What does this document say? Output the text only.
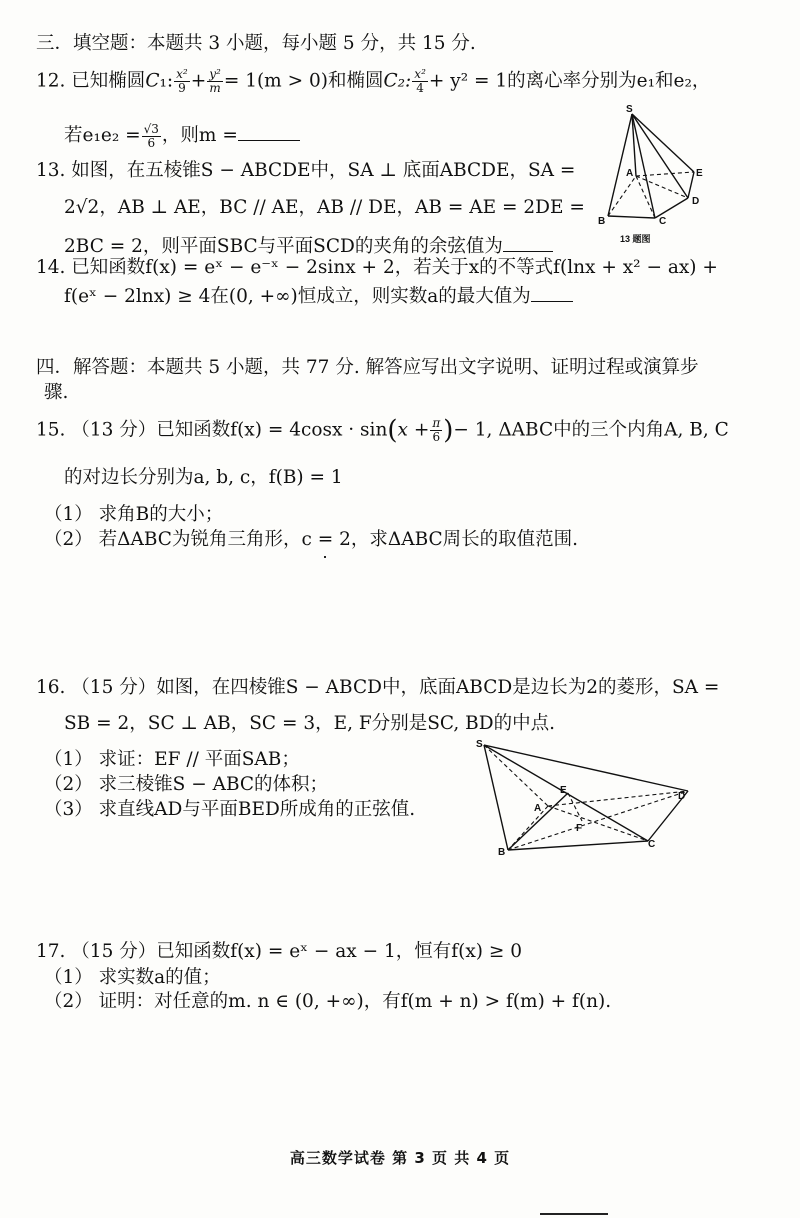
三．填空题：本题共 3 小题，每小题 5 分，共 15 分.
12. 已知椭圆C₁: $\frac{\text{x²}}{9} + \frac{\text{y²}}{m} = 1(m > 0)$和椭圆C₂: $\frac{\text{x²}}{4} + y^2 = 1$的离心率分别为e₁和e₂，
若$e_1e_2 = \frac{√3}{6}$ ，则m =
13. 如图，在五棱锥S − ABCDE中，SA ⊥ 底面ABCDE，SA =
2√2，AB ⊥ AE，BC // AE，AB // DE，AB = AE = 2DE =
2BC = 2，则平面SBC与平面SCD的夹角的余弦值为
S
A
B	C
D
E
13 题图
14. 已知函数f(x) = eˣ − e⁻ˣ − 2sinx + 2，若关于x的不等式f(lnx + x² − ax) +
f(eˣ − 2lnx) ≥ 4在(0, +∞)恒成立，则实数a的最大值为
四．解答题：本题共 5 小题，共 77 分. 解答应写出文字说明、证明过程或演算步
骤.
15. （13 分）已知函数$f(x) = 4\cos x \cdot \sin(x + \frac{\pi}{6}$ )− 1, ΔABC中的三个内角A, B, C
的对边长分别为a, b, c，f(B) = 1
（1） 求角B的大小；
（2） 若ΔABC为锐角三角形，c = 2，求ΔABC周长的取值范围.
16. （15 分）如图，在四棱锥S − ABCD中，底面ABCD是边长为2的菱形，SA =
SB = 2，SC ⊥ AB，SC = 3，E, F分别是SC, BD的中点.
（1） 求证：EF // 平面SAB；
（2） 求三棱锥S − ABC的体积；
（3） 求直线AD与平面BED所成角的正弦值.
S
A
B
C
D
E
F
17. （15 分）已知函数f(x) = eˣ − ax − 1，恒有f(x) ≥ 0
（1） 求实数a的值；
（2） 证明：对任意的m. n ∈ (0, +∞)，有f(m + n) > f(m) + f(n).
高三数学试卷 第 3 页 共 4 页
